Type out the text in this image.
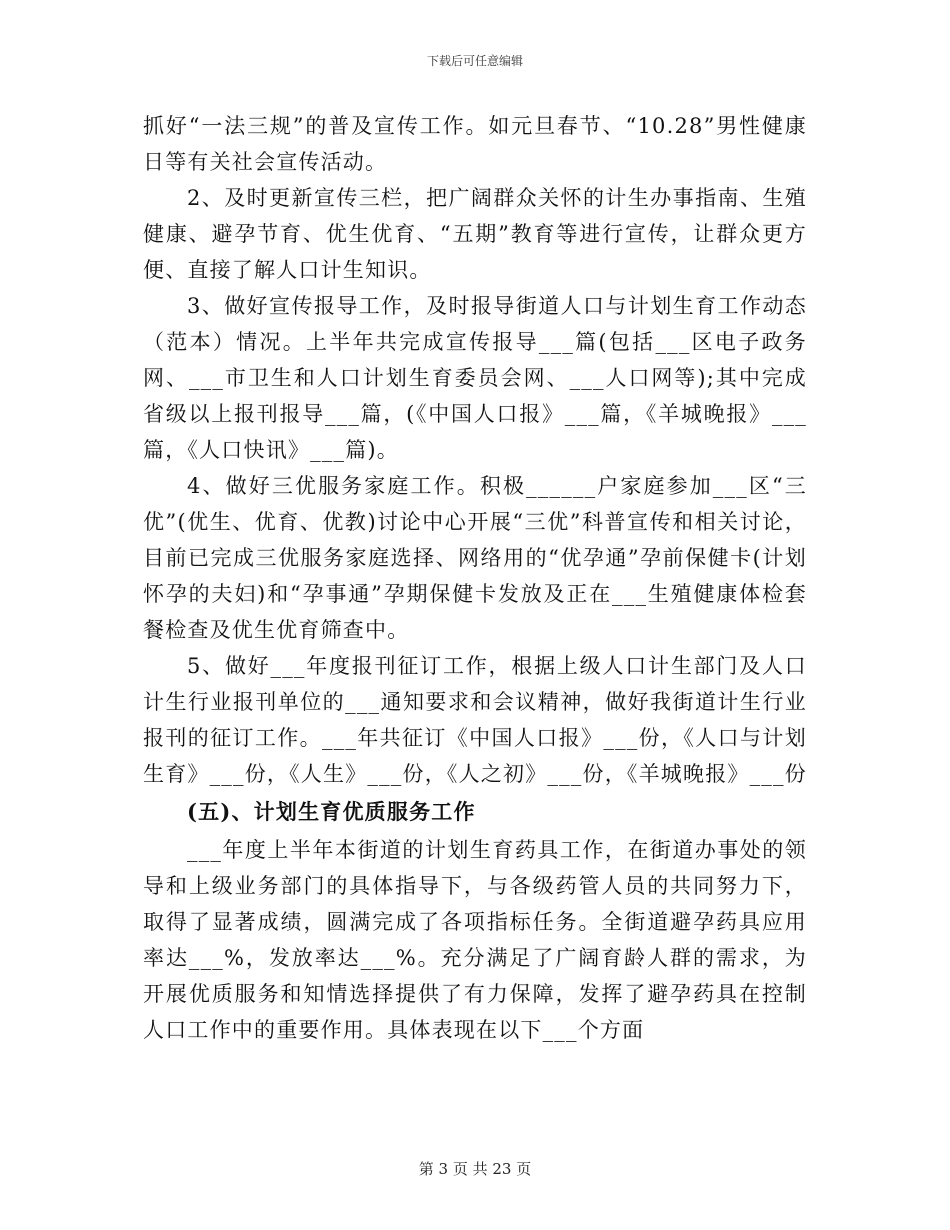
下载后可任意编辑

抓好“一法三规”的普及宣传工作。如元旦春节、“10.28”男性健康日等有关社会宣传活动。

2、及时更新宣传三栏，把广阔群众关怀的计生办事指南、生殖健康、避孕节育、优生优育、“五期”教育等进行宣传，让群众更方便、直接了解人口计生知识。

3、做好宣传报导工作，及时报导街道人口与计划生育工作动态（范本）情况。上半年共完成宣传报导___篇(包括___区电子政务网、___市卫生和人口计划生育委员会网、___人口网等);其中完成省级以上报刊报导___篇，(《中国人口报》___篇，《羊城晚报》___篇，《人口快讯》___篇)。

4、做好三优服务家庭工作。积极______户家庭参加___区“三优”(优生、优育、优教)讨论中心开展“三优”科普宣传和相关讨论，目前已完成三优服务家庭选择、网络用的“优孕通”孕前保健卡(计划怀孕的夫妇)和“孕事通”孕期保健卡发放及正在___生殖健康体检套餐检查及优生优育筛查中。

5、做好___年度报刊征订工作，根据上级人口计生部门及人口计生行业报刊单位的___通知要求和会议精神，做好我街道计生行业报刊的征订工作。___年共征订《中国人口报》___份，《人口与计划生育》___份，《人生》___份，《人之初》___份，《羊城晚报》___份

(五)、计划生育优质服务工作

___年度上半年本街道的计划生育药具工作，在街道办事处的领导和上级业务部门的具体指导下，与各级药管人员的共同努力下，取得了显著成绩，圆满完成了各项指标任务。全街道避孕药具应用率达___%，发放率达___%。充分满足了广阔育龄人群的需求，为开展优质服务和知情选择提供了有力保障，发挥了避孕药具在控制人口工作中的重要作用。具体表现在以下___个方面

第 3 页 共 23 页
